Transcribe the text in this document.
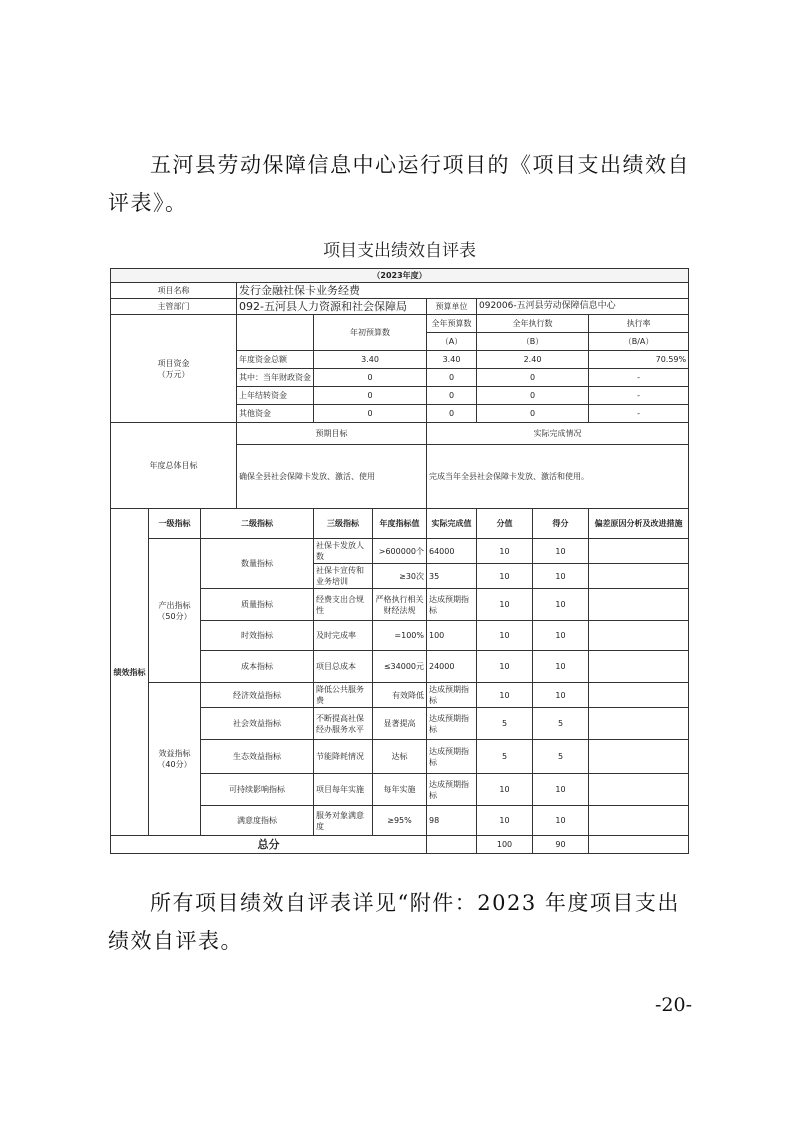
五河县劳动保障信息中心运行项目的《项目支出绩效自评表》。

项目支出绩效自评表									
（2023年度）									
项目名称			发行金融社保卡业务经费						
主管部门			092-五河县人力资源和社会保障局			预算单位	092006-五河县劳动保障信息中心		
项目资金
（万元）				年初预算数		全年预算数	全年执行数		执行率
						（A）	（B）		（B/A）
			年度资金总额	3.40		3.40	2.40		70.59%
			其中：当年财政资金	0		0	0		-
			上年结转资金	0		0	0		-
			其他资金	0		0	0		-
年度总体目标			预期目标			实际完成情况			
			确保全县社会保障卡发放、激活、使用			完成当年全县社会保障卡发放、激活和使用。			
绩效指标	一级指标	二级指标		三级指标	年度指标值	实际完成值	分值	得分	偏差原因分析及改进措施
	产出指标
（50分）	数量指标		社保卡发放人数	>600000个	64000	10	10	
				社保卡宣传和业务培训	≥30次	35	10	10	
		质量指标		经费支出合规性	严格执行相关财经法规	达成预期指标	10	10	
		时效指标		及时完成率	=100%	100	10	10	
		成本指标		项目总成本	≤34000元	24000	10	10	
	效益指标
（40分）	经济效益指标		降低公共服务费	有效降低	达成预期指标	10	10	
		社会效益指标		不断提高社保经办服务水平	显著提高	达成预期指标	5	5	
		生态效益指标		节能降耗情况	达标	达成预期指标	5	5	
		可持续影响指标		项目每年实施	每年实施	达成预期指标	10	10	
		满意度指标		服务对象满意度	≥95%	98	10	10	
总分							100	90	

所有项目绩效自评表详见“附件：2023 年度项目支出绩效自评表。

-20-
